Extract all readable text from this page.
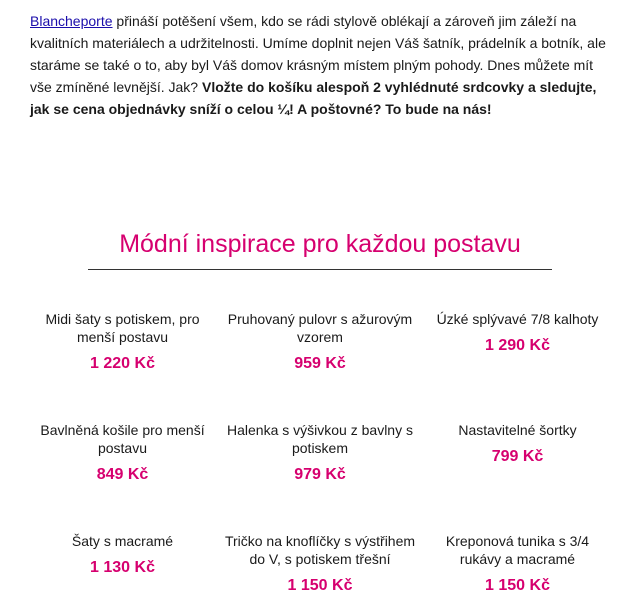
Blancheporte přináší potěšení všem, kdo se rádi stylově oblékají a zároveň jim záleží na kvalitních materiálech a udržitelnosti. Umíme doplnit nejen Váš šatník, prádelník a botník, ale staráme se také o to, aby byl Váš domov krásným místem plným pohody. Dnes můžete mít vše zmíněné levnější. Jak? Vložte do košíku alespoň 2 vyhlédnuté srdcovky a sledujte, jak se cena objednávky sníží o celou ¼! A poštovné? To bude na nás!

Módní inspirace pro každou postavu
Midi šaty s potiskem, pro menší postavu
1 220 Kč
Pruhovaný pulovr s ažurovým vzorem
959 Kč
Úzké splývavé 7/8 kalhoty
1 290 Kč
Bavlněná košile pro menší postavu
849 Kč
Halenka s výšivkou z bavlny s potiskem
979 Kč
Nastavitelné šortky
799 Kč
Šaty s macramé
1 130 Kč
Tričko na knoflíčky s výstřihem do V, s potiskem třešní
1 150 Kč
Kreponová tunika s 3/4 rukávy a macramé
1 150 Kč
